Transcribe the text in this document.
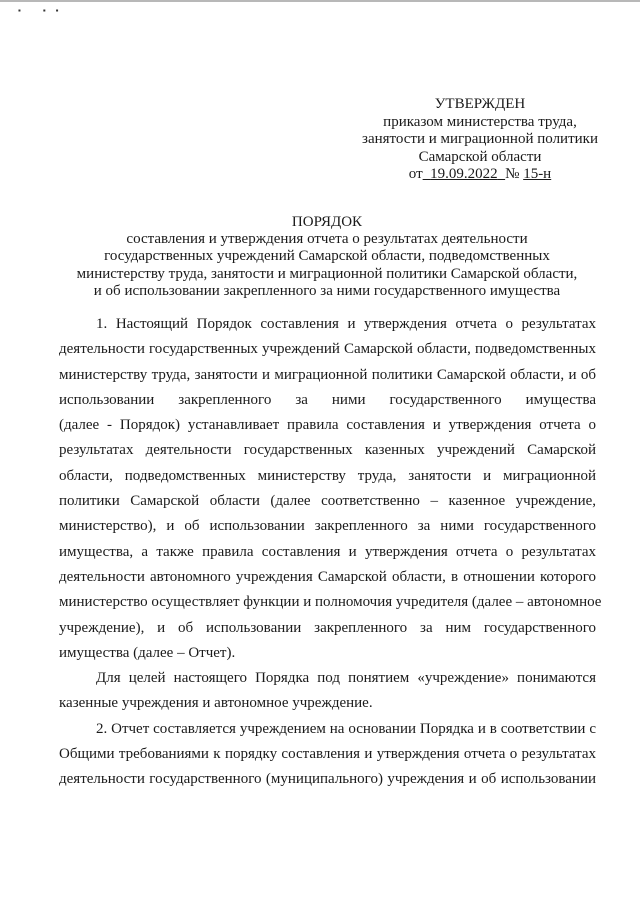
▪ ▪▪
УТВЕРЖДЕН
приказом министерства труда,
занятости и миграционной политики
Самарской области
от 19.09.2022 № 15-н
ПОРЯДОК
составления и утверждения отчета о результатах деятельности
государственных учреждений Самарской области, подведомственных
министерству труда, занятости и миграционной политики Самарской области,
и об использовании закрепленного за ними государственного имущества
1. Настоящий Порядок составления и утверждения отчета о результатах
деятельности государственных учреждений Самарской области, подведомственных
министерству труда, занятости и миграционной политики Самарской области, и об
использовании закрепленного за ними государственного имущества
(далее - Порядок) устанавливает правила составления и утверждения отчета о
результатах деятельности государственных казенных учреждений Самарской
области, подведомственных министерству труда, занятости и миграционной
политики Самарской области (далее соответственно – казенное учреждение,
министерство), и об использовании закрепленного за ними государственного
имущества, а также правила составления и утверждения отчета о результатах
деятельности автономного учреждения Самарской области, в отношении которого
министерство осуществляет функции и полномочия учредителя (далее – автономное
учреждение), и об использовании закрепленного за ним государственного
имущества (далее – Отчет).
Для целей настоящего Порядка под понятием «учреждение» понимаются
казенные учреждения и автономное учреждение.
2. Отчет составляется учреждением на основании Порядка и в соответствии с
Общими требованиями к порядку составления и утверждения отчета о результатах
деятельности государственного (муниципального) учреждения и об использовании
